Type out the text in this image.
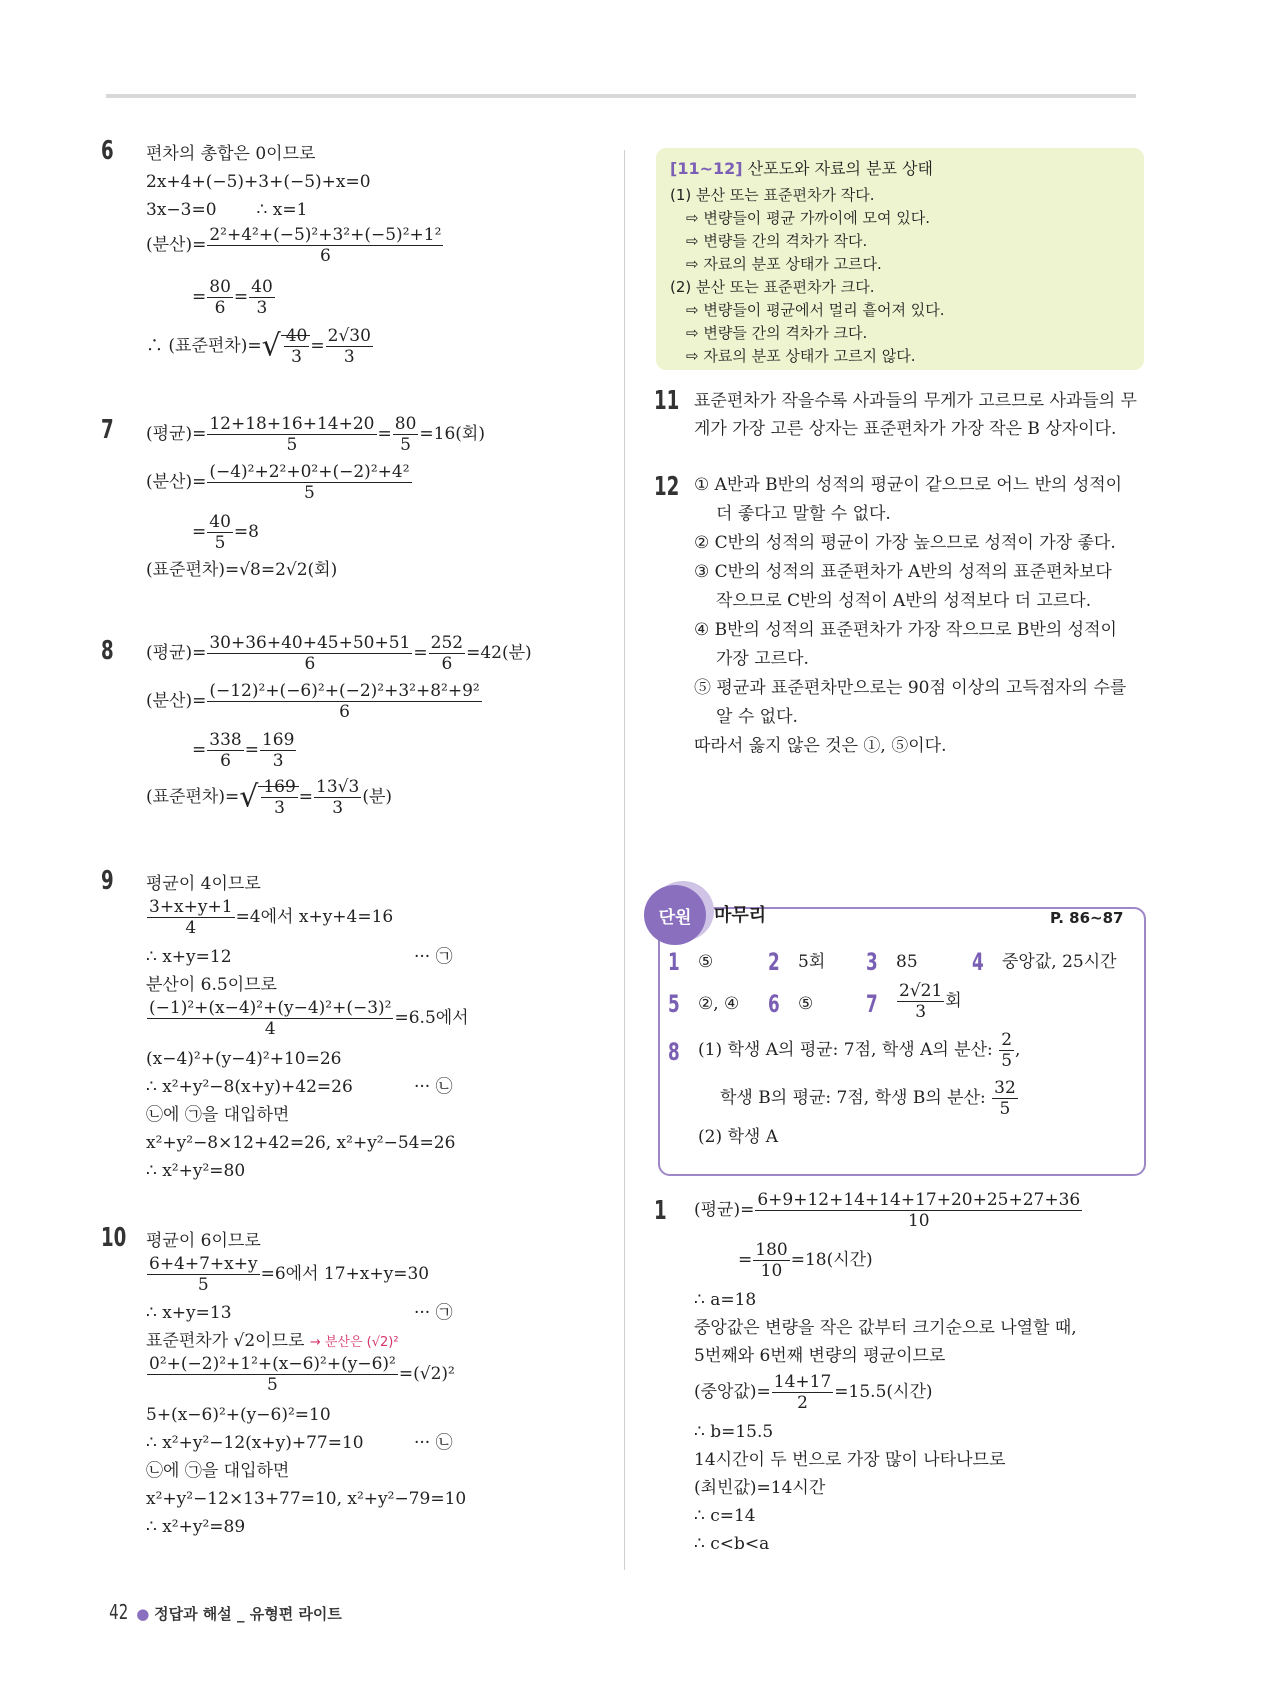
6 편차의 총합은 0이므로
2x+4+(−5)+3+(−5)+x=0
3x−3=0 ∴ x=1
(분산)= $\frac{\text{2²+4²+(−5)²+3²+(−5)²+1²}}{6}$
= $\frac{80}{6} = \frac{40}{3}$
∴ (표준편차)=√ $\frac{40}{3} = \frac{2√30}{3}$
7 (평균)= $\frac{12+18+16+14+20}{5} = \frac{80}{5} =16$(회)
(분산)= $\frac{\text{(−4)²+2²+0²+(−2)²+4²}}{5}$
= $\frac{40}{5} =8$
(표준편차)=√8=2√2(회)
8 (평균)= $\frac{30+36+40+45+50+51}{6} = \frac{252}{6} =42$(분)
(분산)= $\frac{\text{(−12)²+(−6)²+(−2)²+3²+8²+9²}}{6}$
= $\frac{338}{6} = \frac{169}{3}$
(표준편차)=√ $\frac{169}{3} = \frac{13√3}{3}$ (분)
9 평균이 4이므로
$\frac{3+x+y+1}{4} =4$에서 x+y+4=16
∴ x+y=12	··· ㉠
분산이 6.5이므로
$\frac{\text{(−1)²+(x−4)²+(y−4)²+(−3)²}}{4} =6.5$에서
(x−4)²+(y−4)²+10=26
∴ x²+y²−8(x+y)+42=26	··· ㉡
㉡에 ㉠을 대입하면
x²+y²−8×12+42=26, x²+y²−54=26
∴ x²+y²=80
10 평균이 6이므로
$\frac{6+4+7+x+y}{5} =6$에서 17+x+y=30
∴ x+y=13	··· ㉠
표준편차가 √2이므로 → 분산은 (√2)²
$\frac{\text{0²+(−2)²+1²+(x−6)²+(y−6)²}}{5} =(√2)^2$
5+(x−6)²+(y−6)²=10
∴ x²+y²−12(x+y)+77=10	··· ㉡
㉡에 ㉠을 대입하면
x²+y²−12×13+77=10, x²+y²−79=10
∴ x²+y²=89
[11~12] 산포도와 자료의 분포 상태
(1) 분산 또는 표준편차가 작다.
⇨ 변량들이 평균 가까이에 모여 있다.
⇨ 변량들 간의 격차가 작다.
⇨ 자료의 분포 상태가 고르다.
(2) 분산 또는 표준편차가 크다.
⇨ 변량들이 평균에서 멀리 흩어져 있다.
⇨ 변량들 간의 격차가 크다.
⇨ 자료의 분포 상태가 고르지 않다.
11 표준편차가 작을수록 사과들의 무게가 고르므로 사과들의 무
게가 가장 고른 상자는 표준편차가 가장 작은 B 상자이다.
12 ① A반과 B반의 성적의 평균이 같으므로 어느 반의 성적이
더 좋다고 말할 수 없다.
② C반의 성적의 평균이 가장 높으므로 성적이 가장 좋다.
③ C반의 성적의 표준편차가 A반의 성적의 표준편차보다
작으므로 C반의 성적이 A반의 성적보다 더 고르다.
④ B반의 성적의 표준편차가 가장 작으므로 B반의 성적이
가장 고르다.
⑤ 평균과 표준편차만으로는 90점 이상의 고득점자의 수를
알 수 없다.
따라서 옳지 않은 것은 ①, ⑤이다.
단원	마무리	P. 86~87
1 ⑤ 2 5회 3 85 4 중앙값, 25시간
5 ②, ④ 6 ⑤ $7 \frac{2√21}{3}$ 회
8 (1) 학생 A의 평균: 7점, 학생 A의 분산: $\frac{2}{5}$ ,
학생 B의 평균: 7점, 학생 B의 분산: $\frac{32}{5}$
(2) 학생 A
1 (평균)= $\frac{6+9+12+14+14+17+20+25+27+36}{10}$
= $\frac{180}{10} =18$(시간)
∴ a=18
중앙값은 변량을 작은 값부터 크기순으로 나열할 때,
5번째와 6번째 변량의 평균이므로
(중앙값)= $\frac{14+17}{2} =15.5$(시간)
∴ b=15.5
14시간이 두 번으로 가장 많이 나타나므로
(최빈값)=14시간
∴ c=14
∴ c<b<a
42 ● 정답과 해설 _ 유형편 라이트
